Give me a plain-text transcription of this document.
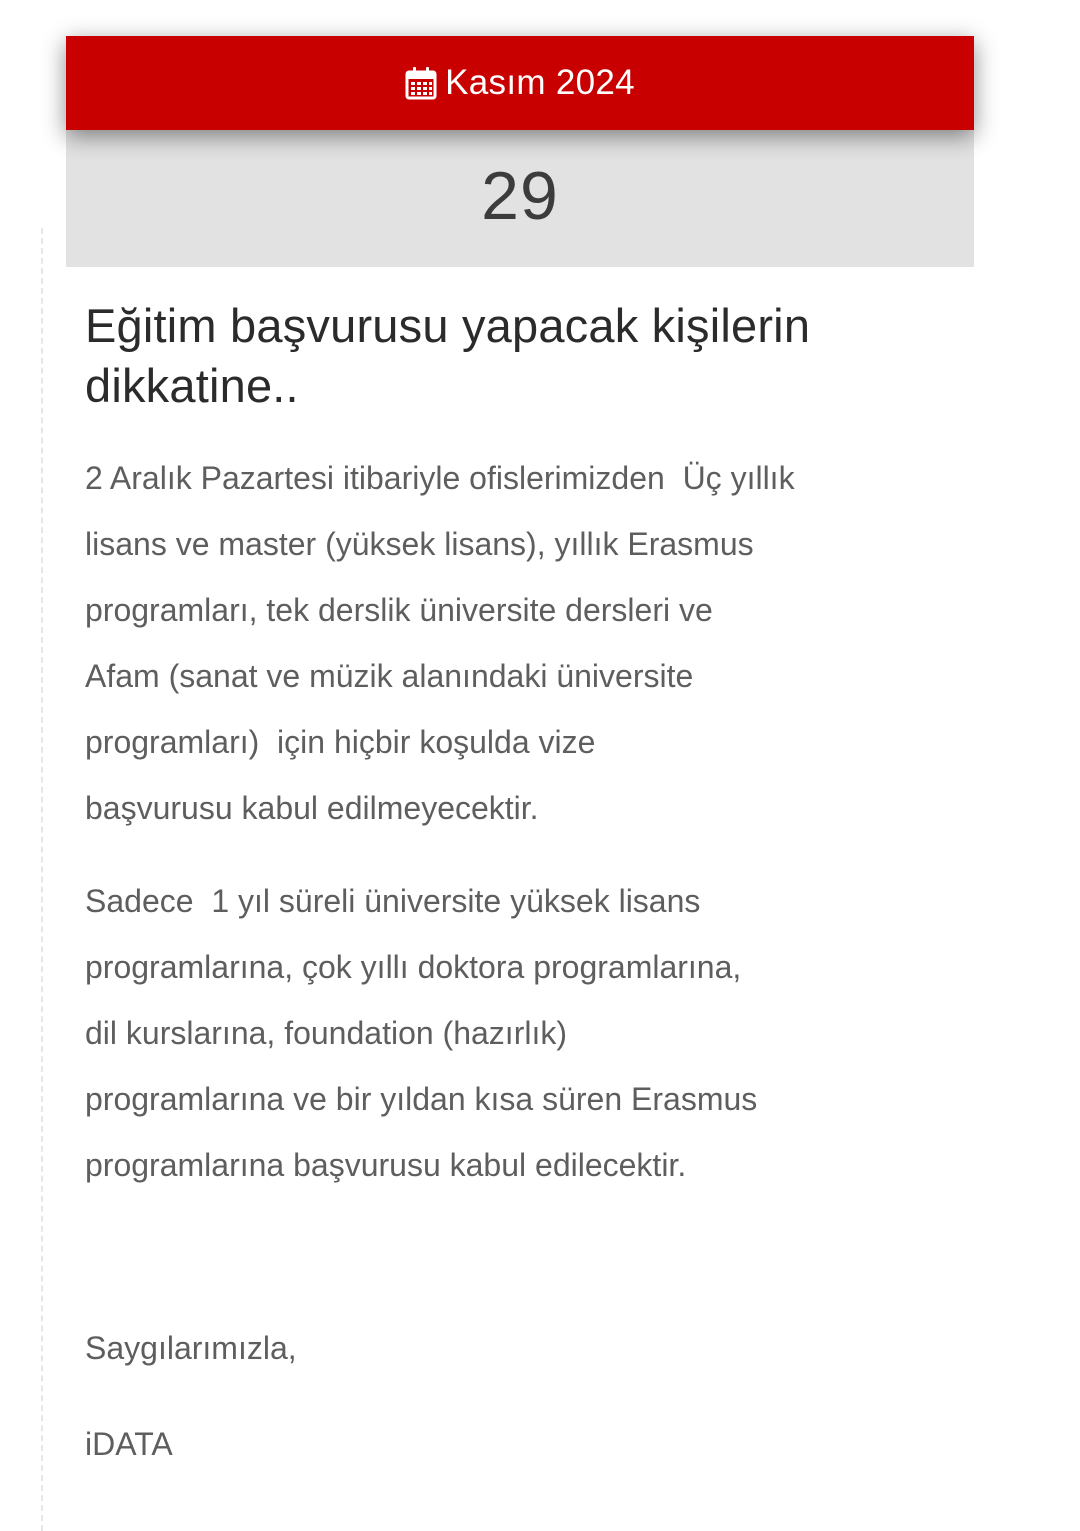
Kasım 2024
29
Eğitim başvurusu yapacak kişilerin dikkatine..

2 Aralık Pazartesi itibariyle ofislerimizden  Üç yıllık
lisans ve master (yüksek lisans), yıllık Erasmus
programları, tek derslik üniversite dersleri ve
Afam (sanat ve müzik alanındaki üniversite
programları)  için hiçbir koşulda vize
başvurusu kabul edilmeyecektir.

Sadece  1 yıl süreli üniversite yüksek lisans
programlarına, çok yıllı doktora programlarına,
dil kurslarına, foundation (hazırlık)
programlarına ve bir yıldan kısa süren Erasmus
programlarına başvurusu kabul edilecektir.

Saygılarımızla,

iDATA
